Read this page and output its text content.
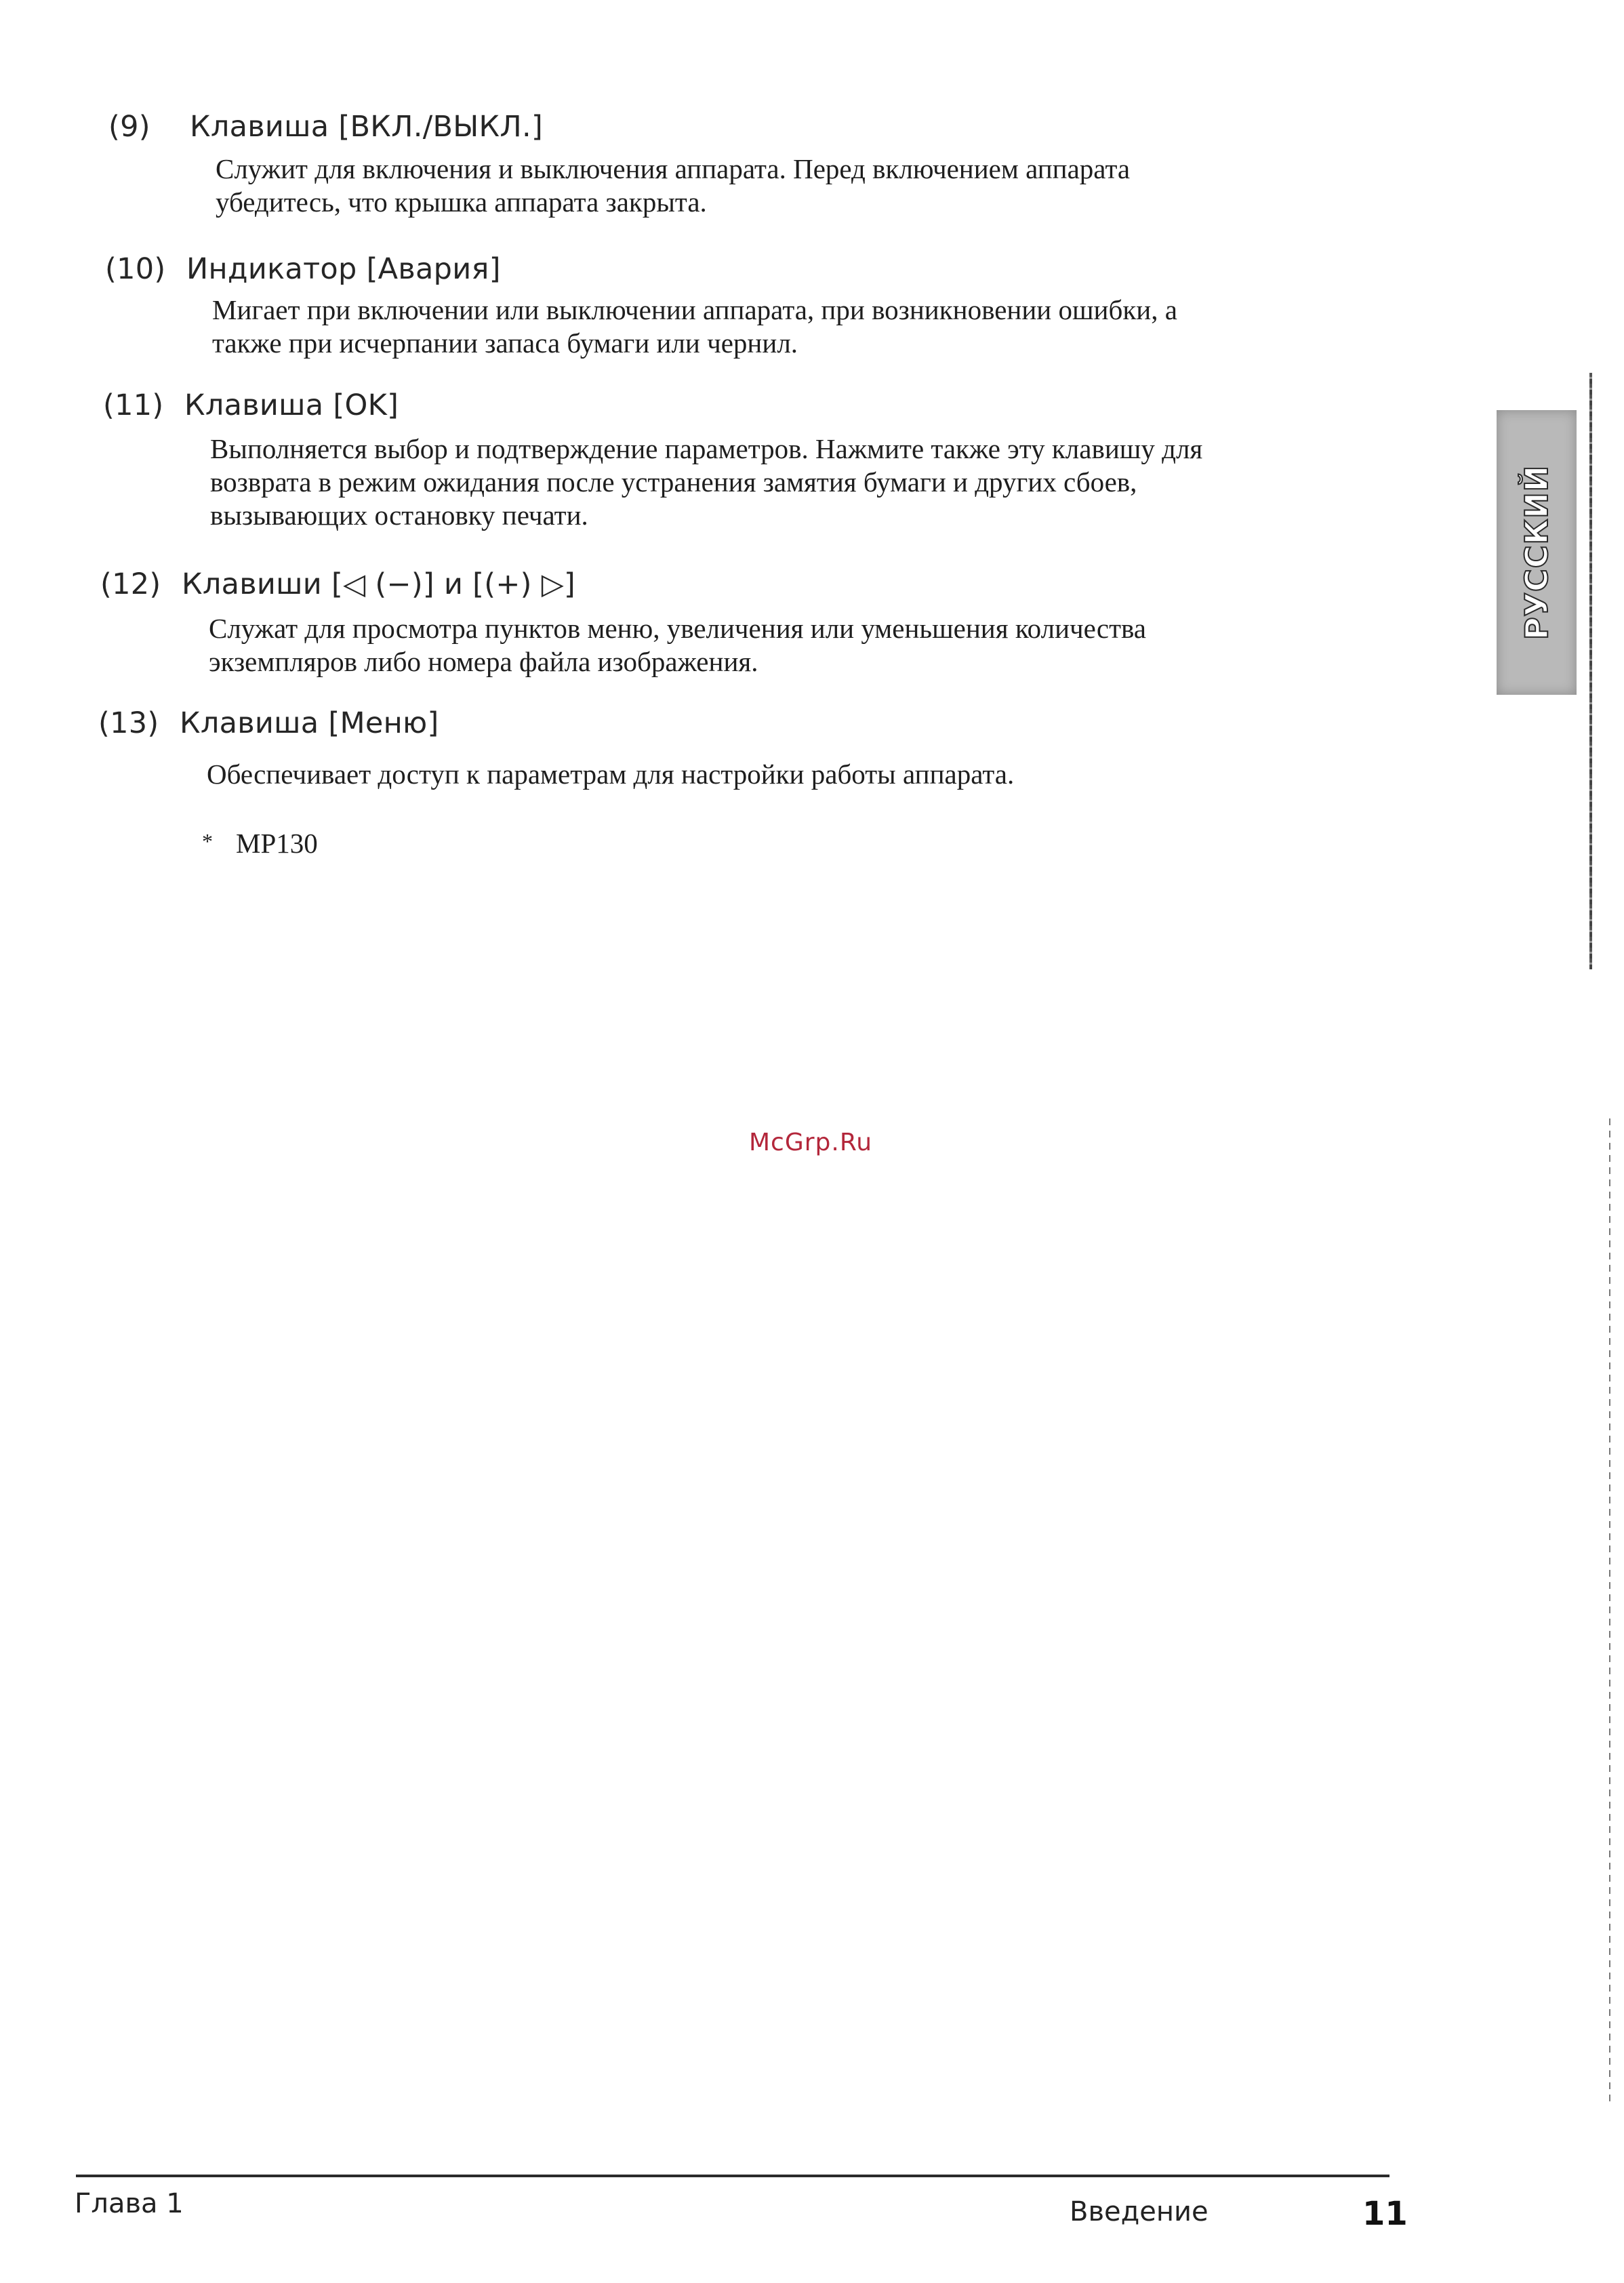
(9) Клавиша [ВКЛ./ВЫКЛ.]

Служит для включения и выключения аппарата. Перед включением аппарата

убедитесь, что крышка аппарата закрыта.

(10) Индикатор [Авария]

Мигает при включении или выключении аппарата, при возникновении ошибки, а

также при исчерпании запаса бумаги или чернил.

(11) Клавиша [OK]

Выполняется выбор и подтверждение параметров. Нажмите также эту клавишу для

возврата в режим ожидания после устранения замятия бумаги и других сбоев,

вызывающих остановку печати.

(12) Клавиши [◁ (−)] и [(+) ▷]

Служат для просмотра пунктов меню, увеличения или уменьшения количества

экземпляров либо номера файла изображения.

(13) Клавиша [Меню]

Обеспечивает доступ к параметрам для настройки работы аппарата.

* MP130
McGrp.Ru
РУССКИЙ
Глава 1	Введение	11
